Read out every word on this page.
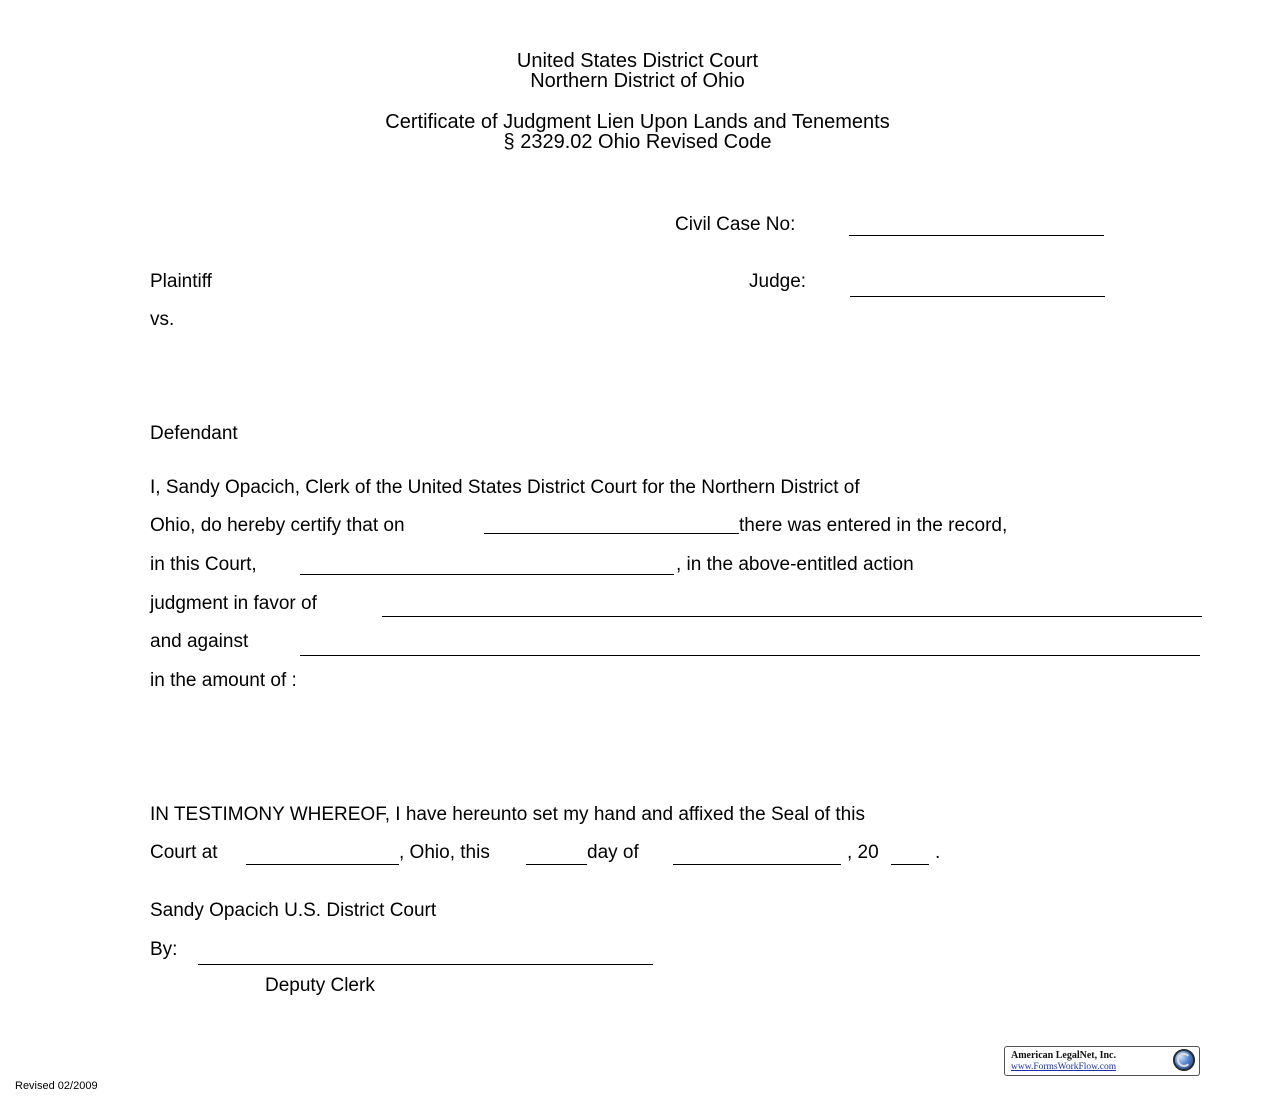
United States District Court
Northern District of Ohio
Certificate of Judgment Lien Upon Lands and Tenements
§ 2329.02 Ohio Revised Code
Civil Case No:
Plaintiff	Judge:
vs.
Defendant
I, Sandy Opacich, Clerk of the United States District Court for the Northern District of
Ohio, do hereby certify that on	there was entered in the record,
in this Court,	, in the above-entitled action
judgment in favor of
and against
in the amount of :
IN TESTIMONY WHEREOF, I have hereunto set my hand and affixed the Seal of this
Court at	, Ohio, this	day of	, 20	.
Sandy Opacich U.S. District Court
By:
Deputy Clerk
Revised 02/2009
American LegalNet, Inc.
www.FormsWorkFlow.com
